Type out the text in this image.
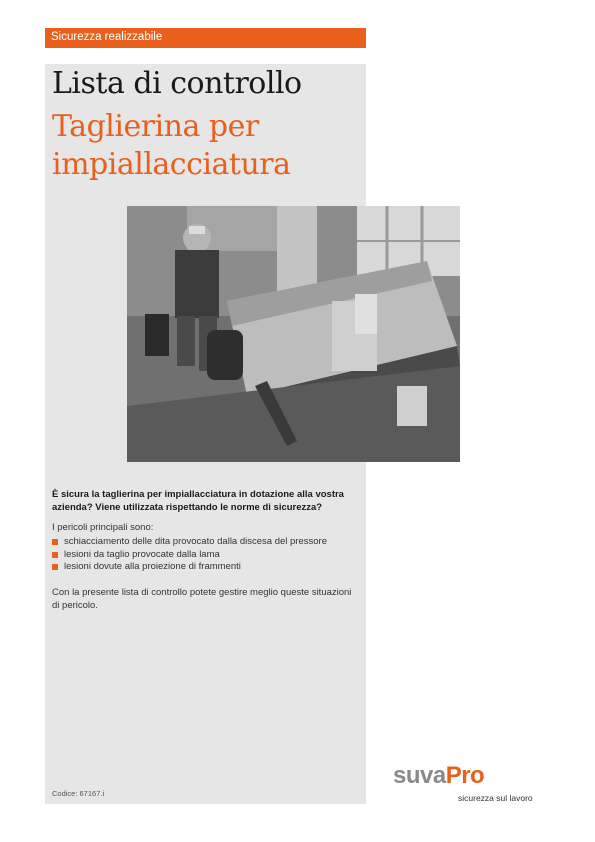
Sicurezza realizzabile
Lista di controllo
Taglierina per impiallacciatura
È sicura la taglierina per impiallacciatura in dotazione alla vostra azienda? Viene utilizzata rispettando le norme di sicurezza?
I pericoli principali sono:
schiacciamento delle dita provocato dalla discesa del pressore
lesioni da taglio provocate dalla lama
lesioni dovute alla proiezione di frammenti
Con la presente lista di controllo potete gestire meglio queste situazioni di pericolo.
Codice: 67167.i
suvaPro
sicurezza sul lavoro
